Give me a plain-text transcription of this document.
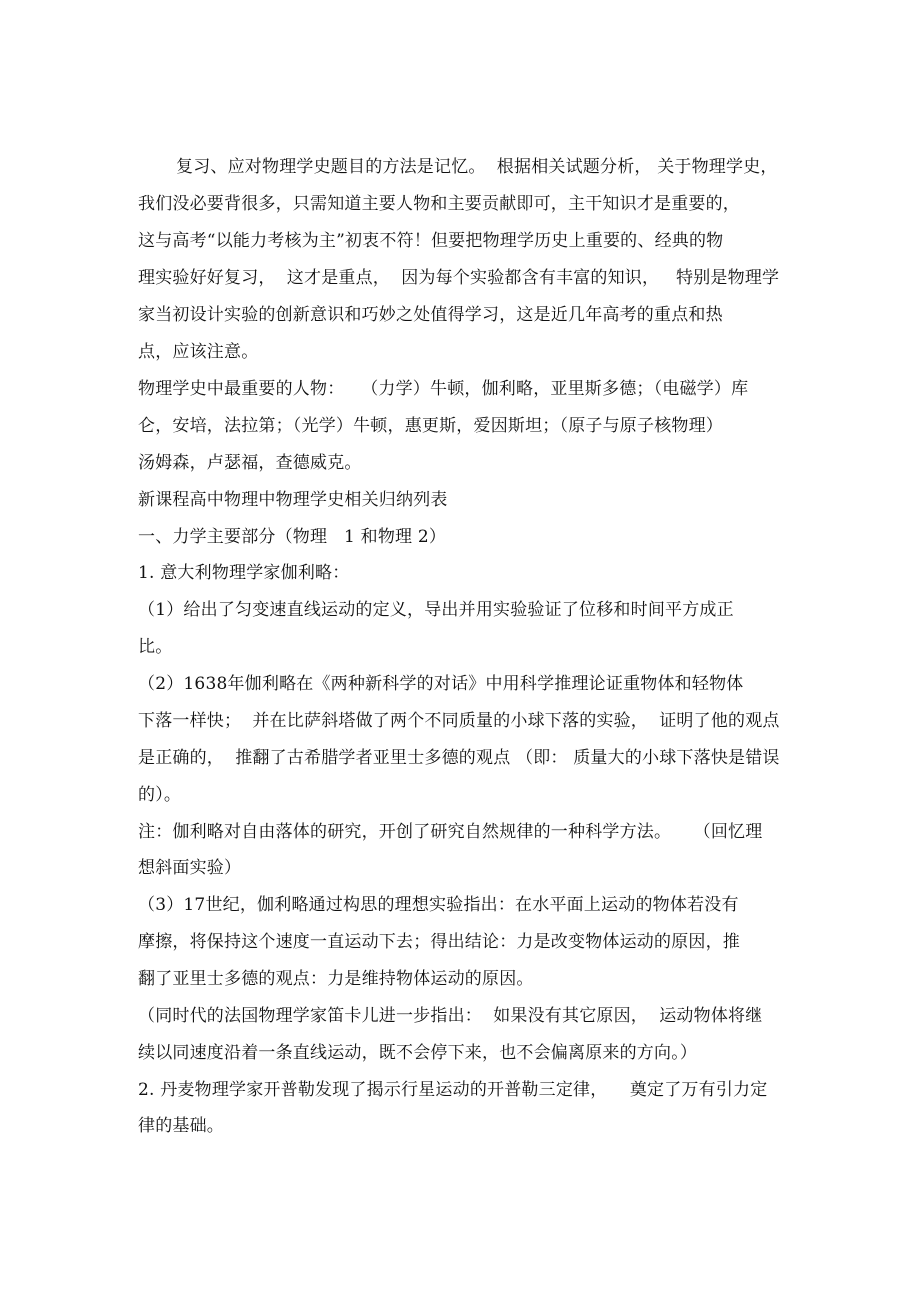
复习、应对物理学史题目的方法是记忆。  根据相关试题分析， 关于物理学史，
我们没必要背很多，只需知道主要人物和主要贡献即可，主干知识才是重要的，
这与高考“以能力考核为主”初衷不符！但要把物理学历史上重要的、经典的物
理实验好好复习，  这才是重点，  因为每个实验都含有丰富的知识，   特别是物理学
家当初设计实验的创新意识和巧妙之处值得学习，这是近几年高考的重点和热
点，应该注意。
物理学史中最重要的人物：   （力学）牛顿，伽利略，亚里斯多德；（电磁学）库
仑，安培，法拉第；（光学）牛顿，惠更斯，爱因斯坦；（原子与原子核物理）
汤姆森，卢瑟福，查德威克。
新课程高中物理中物理学史相关归纳列表
一、力学主要部分（物理   1 和物理 2）
1. 意大利物理学家伽利略：
（1）给出了匀变速直线运动的定义，导出并用实验验证了位移和时间平方成正
比。
（2）1638年伽利略在《两种新科学的对话》中用科学推理论证重物体和轻物体
下落一样快；  并在比萨斜塔做了两个不同质量的小球下落的实验，  证明了他的观点
是正确的，  推翻了古希腊学者亚里士多德的观点 （即： 质量大的小球下落快是错误
的）。
注：伽利略对自由落体的研究，开创了研究自然规律的一种科学方法。    （回忆理
想斜面实验）
（3）17世纪，伽利略通过构思的理想实验指出：在水平面上运动的物体若没有
摩擦，将保持这个速度一直运动下去；得出结论：力是改变物体运动的原因，推
翻了亚里士多德的观点：力是维持物体运动的原因。
（同时代的法国物理学家笛卡儿进一步指出：  如果没有其它原因，  运动物体将继
续以同速度沿着一条直线运动，既不会停下来，也不会偏离原来的方向。）
2. 丹麦物理学家开普勒发现了揭示行星运动的开普勒三定律，    奠定了万有引力定
律的基础。
